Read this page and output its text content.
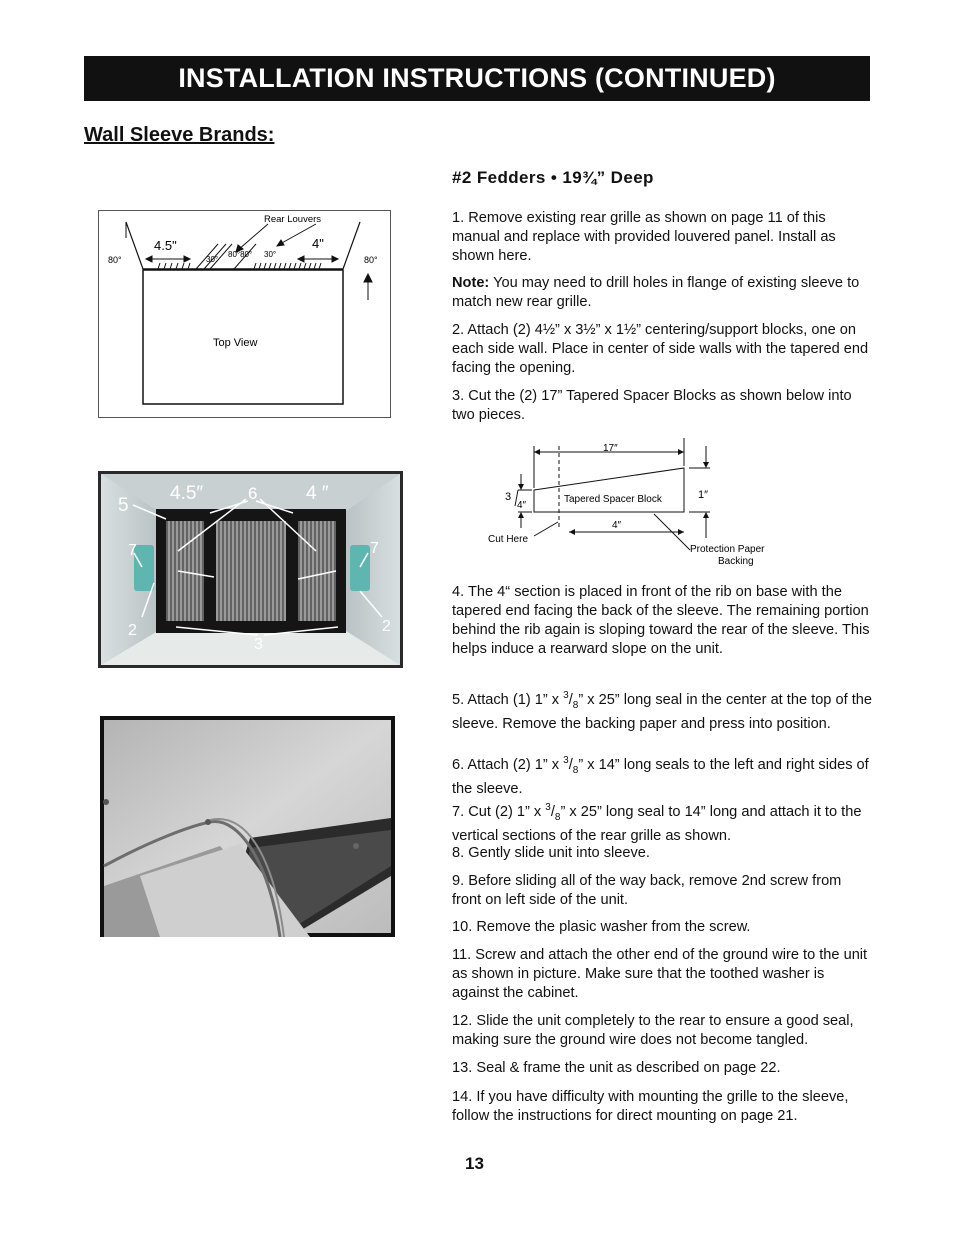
INSTALLATION INSTRUCTIONS (CONTINUED)
Wall Sleeve Brands:
#2 Fedders • 19¾” Deep
Rear Louvers
4.5"	4"
80°	80°
30°
80°80° 30°
Top View
5
4.5″	6	4 ″
7	7
2	2
3

1. Remove existing rear grille as shown on page 11 of this manual and replace with provided louvered panel. Install as shown here.

Note: You may need to drill holes in flange of existing sleeve to match new rear grille.

2. Attach (2) 4½” x 3½” x 1½” centering/support blocks, one on each side wall. Place in center of side walls with the tapered end facing the opening.

3. Cut the (2) 17” Tapered Spacer Blocks as shown below into two pieces.

17″
4″
1″
3
4″
Tapered Spacer Block
Cut Here
Protection Paper
Backing

4. The 4“ section is placed in front of the rib on base with the tapered end facing the back of the sleeve. The remaining portion behind the rib again is sloping toward the rear of the sleeve. This helps induce a rearward slope on the unit.

5. Attach (1) 1” x $^3/_8$” x 25” long seal in the center at the top of the sleeve. Remove the backing paper and press into position.

6. Attach (2) 1” x $^3/_8$” x 14” long seals to the left and right sides of the sleeve.

7. Cut (2) 1” x $^3/_8$” x 25” long seal to 14” long and attach it to the vertical sections of the rear grille as shown.

8. Gently slide unit into sleeve.

9. Before sliding all of the way back, remove 2nd screw from front on left side of the unit.

10. Remove the plasic washer from the screw.

11. Screw and attach the other end of the ground wire to the unit as shown in picture. Make sure that the toothed washer is against the cabinet.

12. Slide the unit completely to the rear to ensure a good seal, making sure the ground wire does not become tangled.

13. Seal & frame the unit as described on page 22.

14. If you have difficulty with mounting the grille to the sleeve, follow the instructions for direct mounting on page 21.

13
